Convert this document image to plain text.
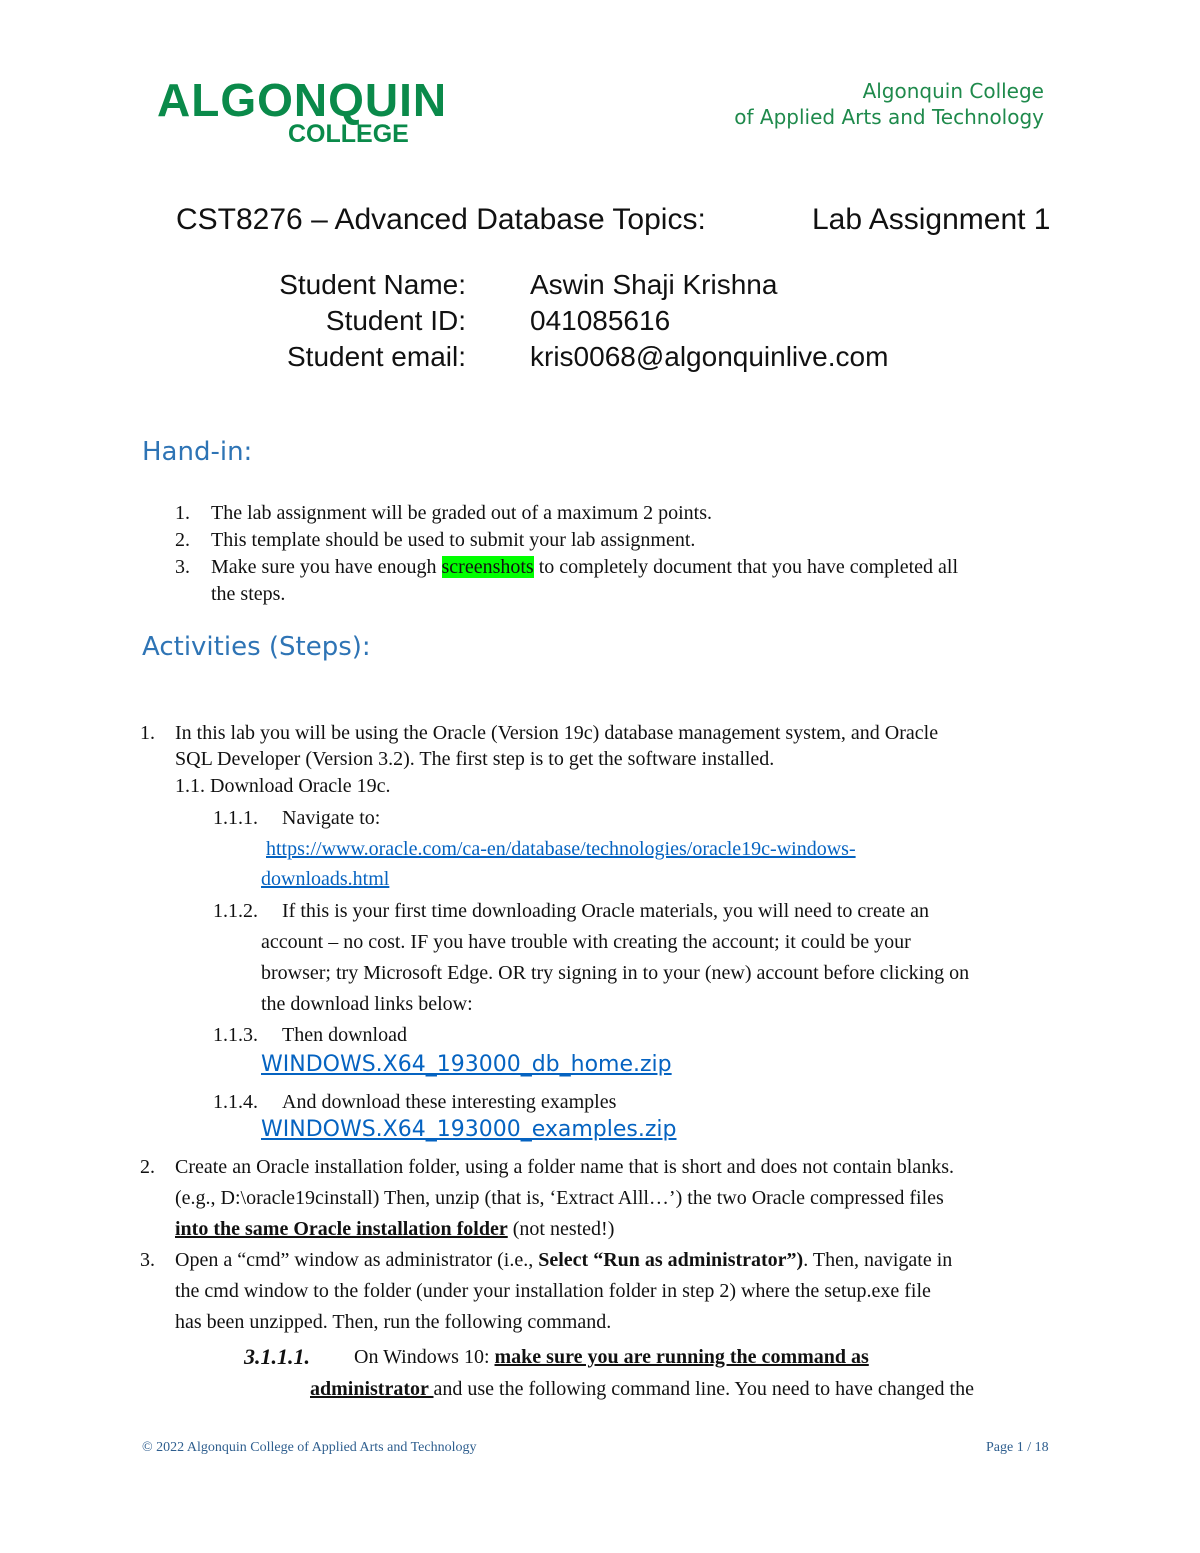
ALGONQUIN
COLLEGE
Algonquin College
of Applied Arts and Technology
CST8276 – Advanced Database Topics:	Lab Assignment 1
Student Name: Aswin Shaji Krishna
Student ID: 041085616
Student email: kris0068@algonquinlive.com
Hand-in:
1. The lab assignment will be graded out of a maximum 2 points.
2. This template should be used to submit your lab assignment.
3. Make sure you have enough screenshots to completely document that you have completed all
the steps.
Activities (Steps):
1. In this lab you will be using the Oracle (Version 19c) database management system, and Oracle
SQL Developer (Version 3.2). The first step is to get the software installed.
1.1. Download Oracle 19c.
1.1.1. Navigate to:
https://www.oracle.com/ca-en/database/technologies/oracle19c-windows-
downloads.html
1.1.2. If this is your first time downloading Oracle materials, you will need to create an
account – no cost. IF you have trouble with creating the account; it could be your
browser; try Microsoft Edge. OR try signing in to your (new) account before clicking on
the download links below:
1.1.3. Then download
WINDOWS.X64_193000_db_home.zip
1.1.4. And download these interesting examples
WINDOWS.X64_193000_examples.zip
2. Create an Oracle installation folder, using a folder name that is short and does not contain blanks.
(e.g., D:\oracle19cinstall) Then, unzip (that is, ‘Extract Alll…’) the two Oracle compressed files
into the same Oracle installation folder (not nested!)
3. Open a “cmd” window as administrator (i.e., Select “Run as administrator”). Then, navigate in
the cmd window to the folder (under your installation folder in step 2) where the setup.exe file
has been unzipped. Then, run the following command.
3.1.1.1. On Windows 10: make sure you are running the command as
administrator and use the following command line. You need to have changed the
© 2022 Algonquin College of Applied Arts and Technology	Page 1 / 18
